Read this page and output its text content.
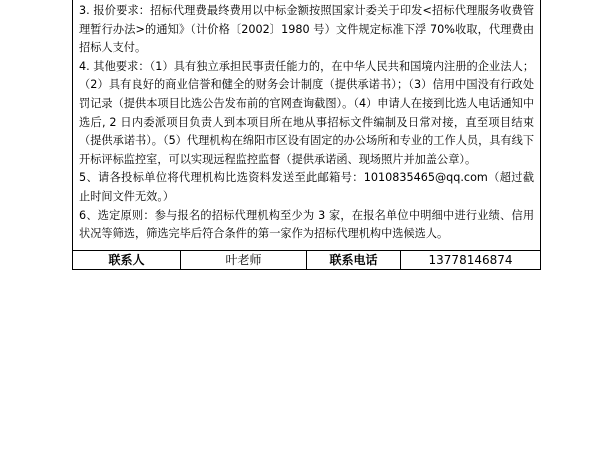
3. 报价要求：招标代理费最终费用以中标金额按照国家计委关于印发<招标代理服务收费管理暂行办法>的通知》（计价格〔2002〕1980 号）文件规定标准下浮 70%收取，代理费由招标人支付。

4. 其他要求：（1）具有独立承担民事责任能力的，在中华人民共和国境内注册的企业法人；（2）具有良好的商业信誉和健全的财务会计制度（提供承诺书）；（3）信用中国没有行政处罚记录（提供本项目比选公告发布前的官网查询截图）。（4）申请人在接到比选人电话通知中选后, 2 日内委派项目负责人到本项目所在地从事招标文件编制及日常对接，直至项目结束（提供承诺书）。（5）代理机构在绵阳市区设有固定的办公场所和专业的工作人员，具有线下开标评标监控室，可以实现远程监控监督（提供承诺函、现场照片并加盖公章）。

5、请各投标单位将代理机构比选资料发送至此邮箱号：1010835465@qq.com（超过截止时间文件无效。）

6、选定原则：参与报名的招标代理机构至少为 3 家，在报名单位中明细中进行业绩、信用状况等筛选，筛选完毕后符合条件的第一家作为招标代理机构中选候选人。

联系人	叶老师	联系电话	13778146874
